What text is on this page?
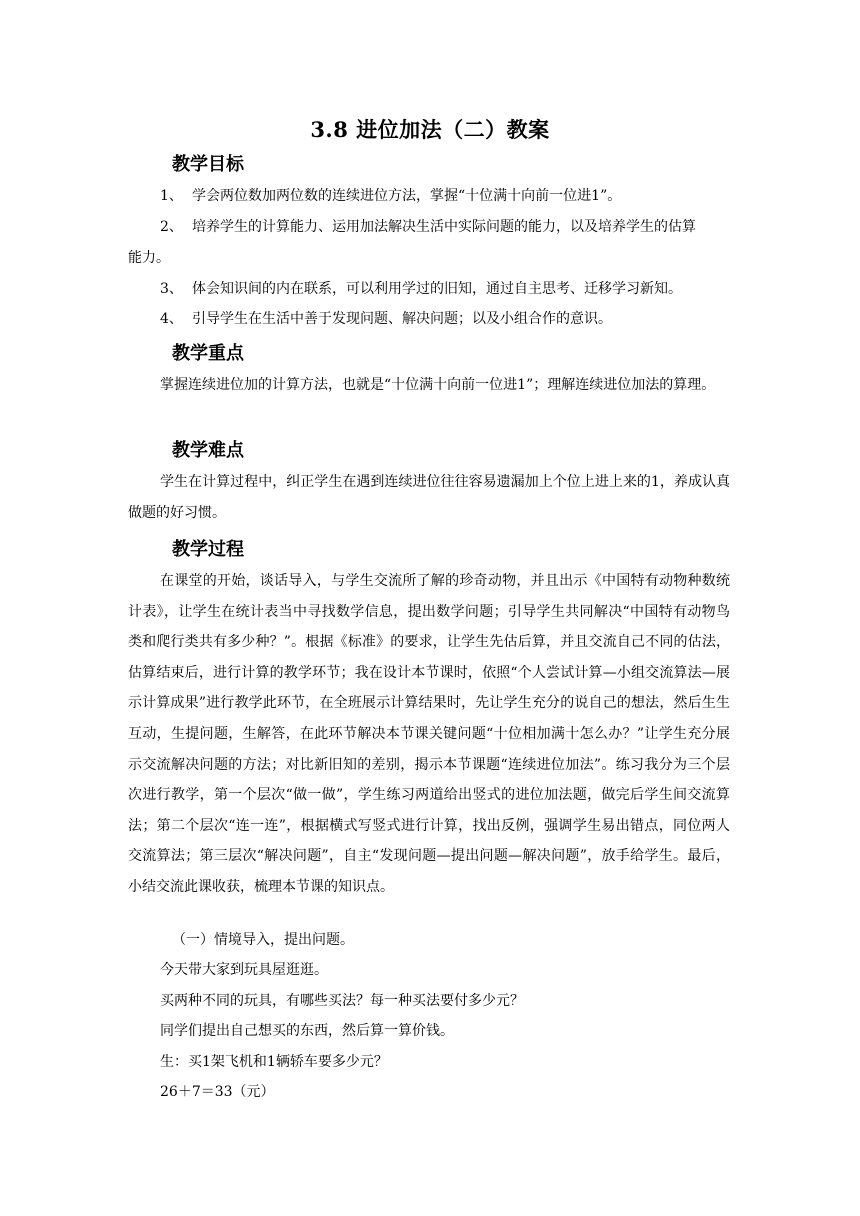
3.8 进位加法（二）教案
教学目标
1、 学会两位数加两位数的连续进位方法，掌握“十位满十向前一位进1”。
2、 培养学生的计算能力、运用加法解决生活中实际问题的能力，以及培养学生的估算
能力。
3、 体会知识间的内在联系，可以利用学过的旧知，通过自主思考、迁移学习新知。
4、 引导学生在生活中善于发现问题、解决问题；以及小组合作的意识。
教学重点
掌握连续进位加的计算方法，也就是“十位满十向前一位进1”；理解连续进位加法的算理。
教学难点
学生在计算过程中，纠正学生在遇到连续进位往往容易遗漏加上个位上进上来的1，养成认真做题的好习惯。
教学过程
在课堂的开始，谈话导入，与学生交流所了解的珍奇动物，并且出示《中国特有动物种数统计表》，让学生在统计表当中寻找数学信息，提出数学问题；引导学生共同解决“中国特有动物鸟类和爬行类共有多少种？”。根据《标准》的要求，让学生先估后算，并且交流自己不同的估法，估算结束后，进行计算的教学环节；我在设计本节课时，依照“个人尝试计算—小组交流算法—展示计算成果”进行教学此环节，在全班展示计算结果时，先让学生充分的说自己的想法，然后生生互动，生提问题，生解答，在此环节解决本节课关键问题“十位相加满十怎么办？”让学生充分展示交流解决问题的方法；对比新旧知的差别，揭示本节课题“连续进位加法”。练习我分为三个层次进行教学，第一个层次“做一做”，学生练习两道给出竖式的进位加法题，做完后学生间交流算法；第二个层次“连一连”，根据横式写竖式进行计算，找出反例，强调学生易出错点，同位两人交流算法；第三层次“解决问题”，自主“发现问题—提出问题—解决问题”，放手给学生。最后，小结交流此课收获，梳理本节课的知识点。
（一）情境导入，提出问题。
今天带大家到玩具屋逛逛。
买两种不同的玩具，有哪些买法？每一种买法要付多少元？
同学们提出自己想买的东西，然后算一算价钱。
生：买1架飞机和1辆轿车要多少元？
26＋7＝33（元）
